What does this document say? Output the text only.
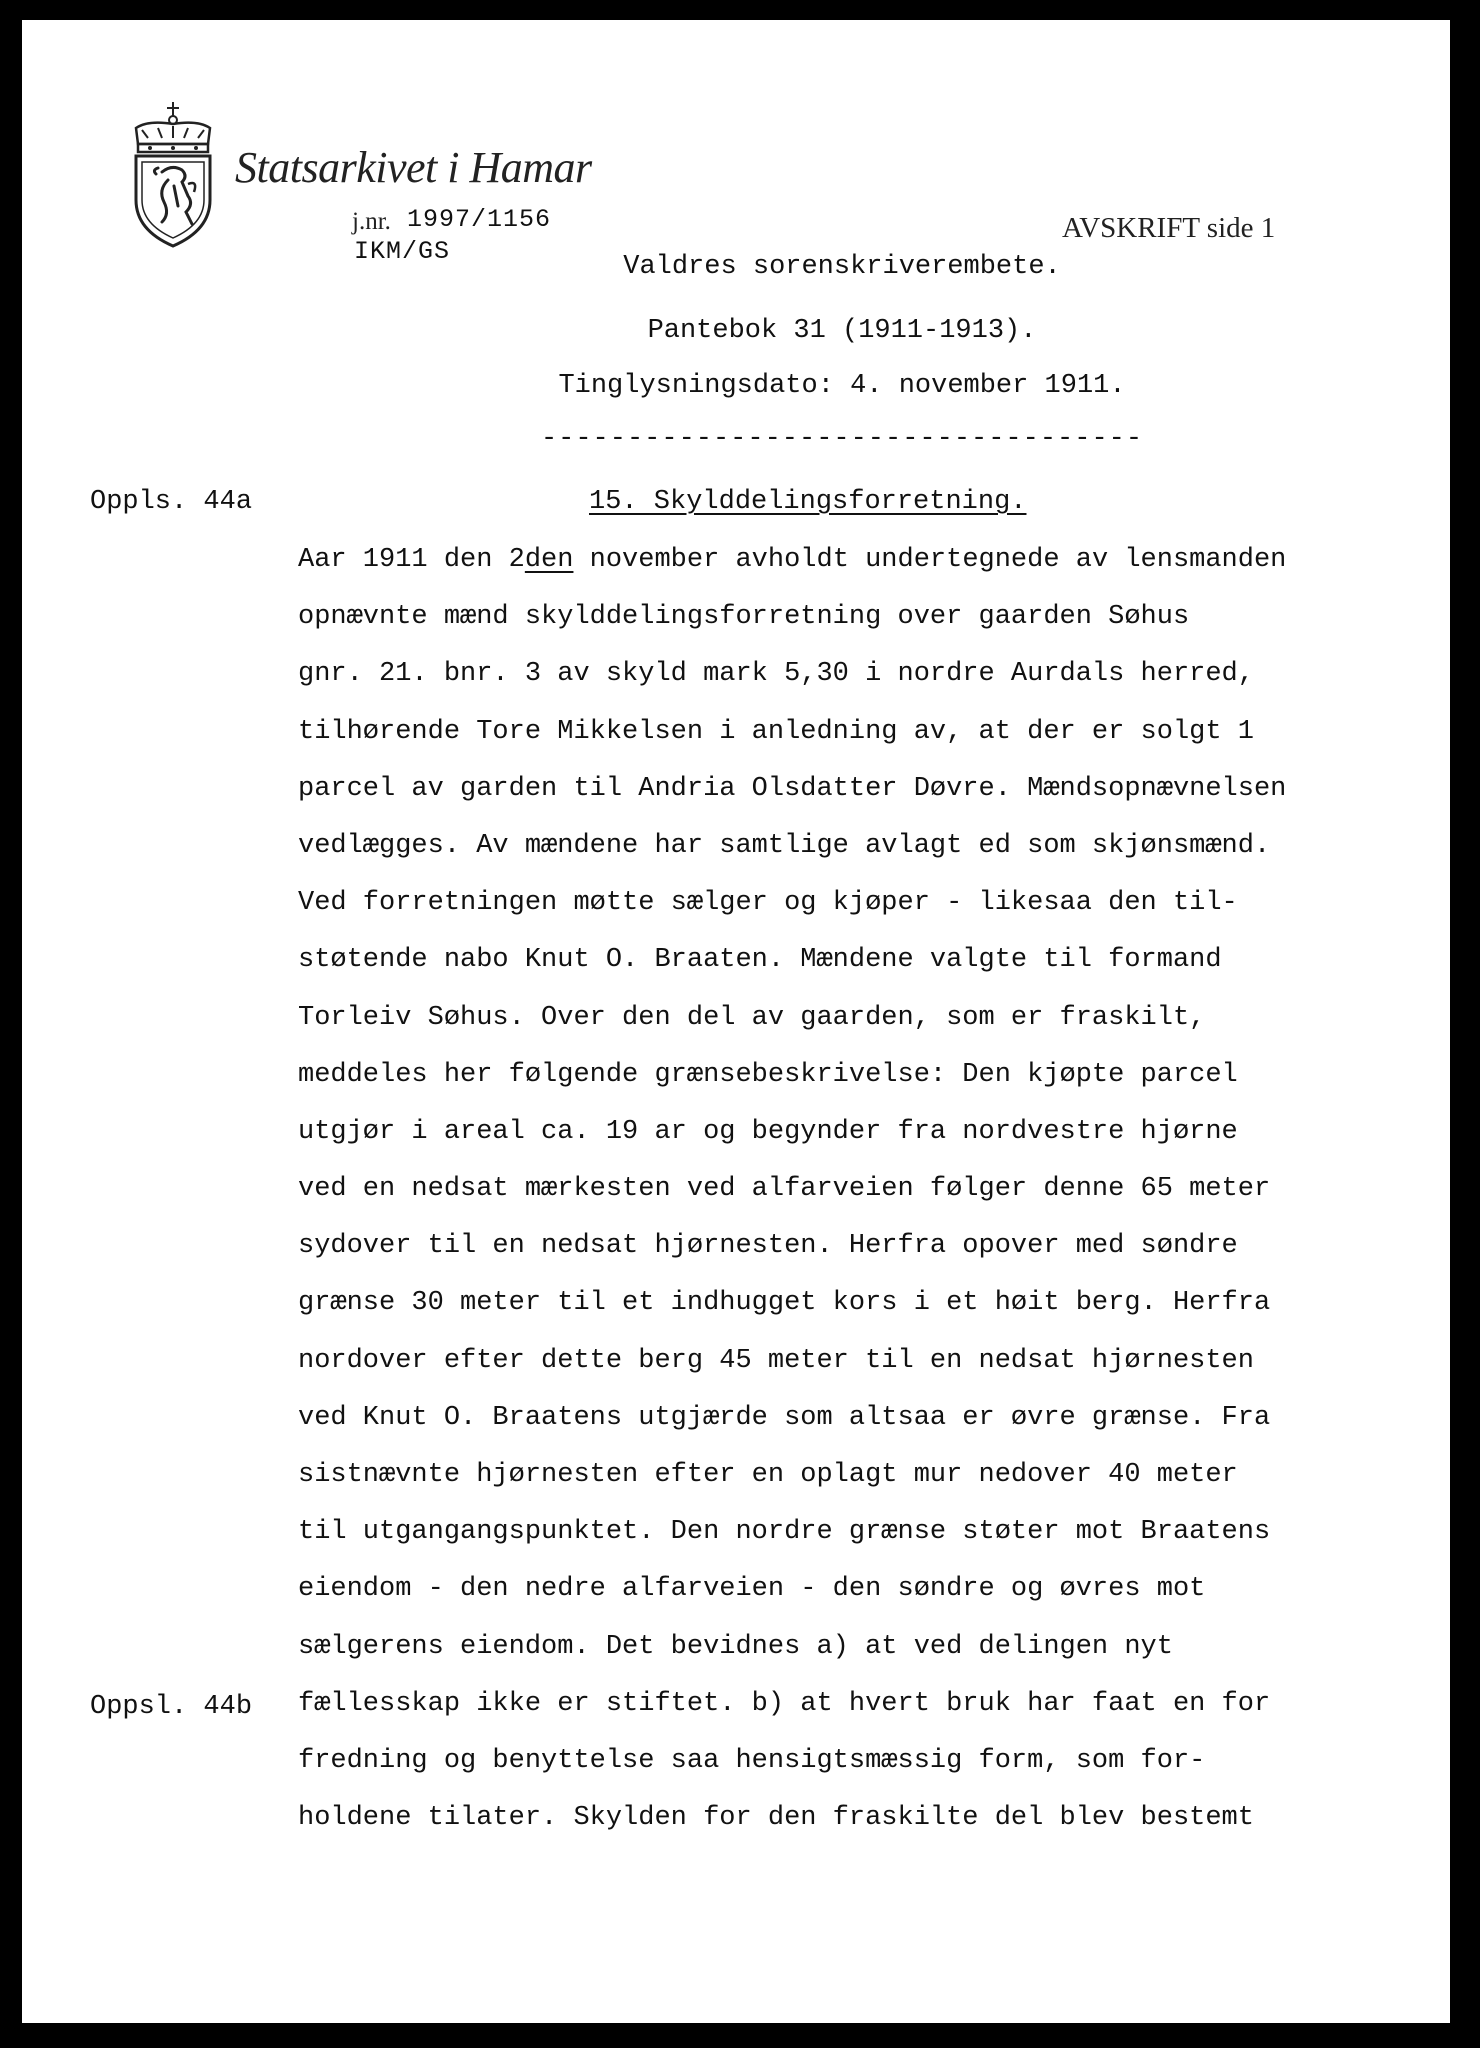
Statsarkivet i Hamar
j.nr. 1997/1156
IKM/GS
AVSKRIFT side 1
Valdres sorenskriverembete.
Pantebok 31 (1911-1913).
Tinglysningsdato: 4. november 1911.
-----------------------------------
Oppls. 44a	15. Skylddelingsforretning.
Aar 1911 den 2den november avholdt undertegnede av lensmanden
opnævnte mænd skylddelingsforretning over gaarden Søhus
gnr. 21. bnr. 3 av skyld mark 5,30 i nordre Aurdals herred,
tilhørende Tore Mikkelsen i anledning av, at der er solgt 1
parcel av garden til Andria Olsdatter Døvre. Mændsopnævnelsen
vedlægges. Av mændene har samtlige avlagt ed som skjønsmænd.
Ved forretningen møtte sælger og kjøper - likesaa den til-
støtende nabo Knut O. Braaten. Mændene valgte til formand
Torleiv Søhus. Over den del av gaarden, som er fraskilt,
meddeles her følgende grænsebeskrivelse: Den kjøpte parcel
utgjør i areal ca. 19 ar og begynder fra nordvestre hjørne
ved en nedsat mærkesten ved alfarveien følger denne 65 meter
sydover til en nedsat hjørnesten. Herfra opover med søndre
grænse 30 meter til et indhugget kors i et høit berg. Herfra
nordover efter dette berg 45 meter til en nedsat hjørnesten
ved Knut O. Braatens utgjærde som altsaa er øvre grænse. Fra
sistnævnte hjørnesten efter en oplagt mur nedover 40 meter
til utgangangspunktet. Den nordre grænse støter mot Braatens
eiendom - den nedre alfarveien - den søndre og øvres mot
sælgerens eiendom. Det bevidnes a) at ved delingen nyt
fællesskap ikke er stiftet. b) at hvert bruk har faat en for
fredning og benyttelse saa hensigtsmæssig form, som for-
holdene tilater. Skylden for den fraskilte del blev bestemt
Oppsl. 44b
